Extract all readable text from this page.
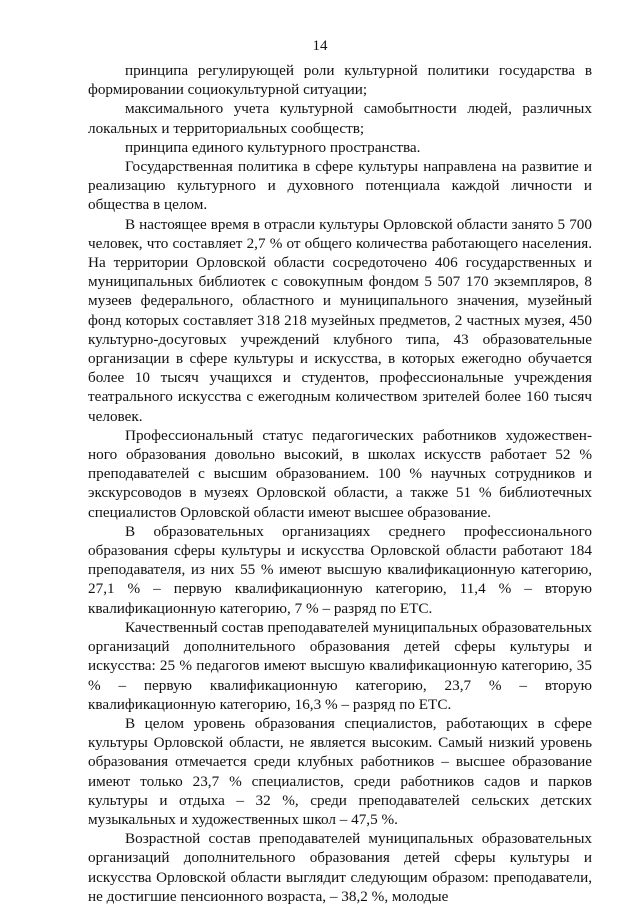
14

принципа регулирующей роли культурной политики государства в формировании социокультурной ситуации;

максимального учета культурной самобытности людей, различных локальных и территориальных сообществ;

принципа единого культурного пространства.

Государственная политика в сфере культуры направлена на развитие и реализацию культурного и духовного потенциала каждой личности и общества в целом.

В настоящее время в отрасли культуры Орловской области занято 5 700 человек, что составляет 2,7 % от общего количества работающего населения. На территории Орловской области сосредоточено 406 государственных и муниципальных библиотек с совокупным фондом 5 507 170 экземпляров, 8 музеев федерального, областного и муниципального значения, музейный фонд которых составляет 318 218 музейных предметов, 2 частных музея, 450 культурно-досуговых учреждений клубного типа, 43 образовательные организации в сфере культуры и искусства, в которых ежегодно обучается более 10 тысяч учащихся и студентов, профессиональные учреждения театрального искусства с ежегодным количеством зрителей более 160 тысяч человек.

Профессиональный статус педагогических работников художественного образования довольно высокий, в школах искусств работает 52 % преподавателей с высшим образованием. 100 % научных сотрудников и экскурсоводов в музеях Орловской области, а также 51 % библиотечных специалистов Орловской области имеют высшее образование.

В образовательных организациях среднего профессионального образования сферы культуры и искусства Орловской области работают 184 преподавателя, из них 55 % имеют высшую квалификационную категорию, 27,1 % – первую квалификационную категорию, 11,4 % – вторую квалификационную категорию, 7 % – разряд по ЕТС.

Качественный состав преподавателей муниципальных образовательных организаций дополнительного образования детей сферы культуры и искусства: 25 % педагогов имеют высшую квалификационную категорию, 35 % – первую квалификационную категорию, 23,7 % – вторую квалификационную категорию, 16,3 % – разряд по ЕТС.

В целом уровень образования специалистов, работающих в сфере культуры Орловской области, не является высоким. Самый низкий уровень образования отмечается среди клубных работников – высшее образование имеют только 23,7 % специалистов, среди работников садов и парков культуры и отдыха – 32 %, среди преподавателей сельских детских музыкальных и художественных школ – 47,5 %.

Возрастной состав преподавателей муниципальных образовательных организаций дополнительного образования детей сферы культуры и искусства Орловской области выглядит следующим образом: преподаватели, не достигшие пенсионного возраста, – 38,2 %, молодые
